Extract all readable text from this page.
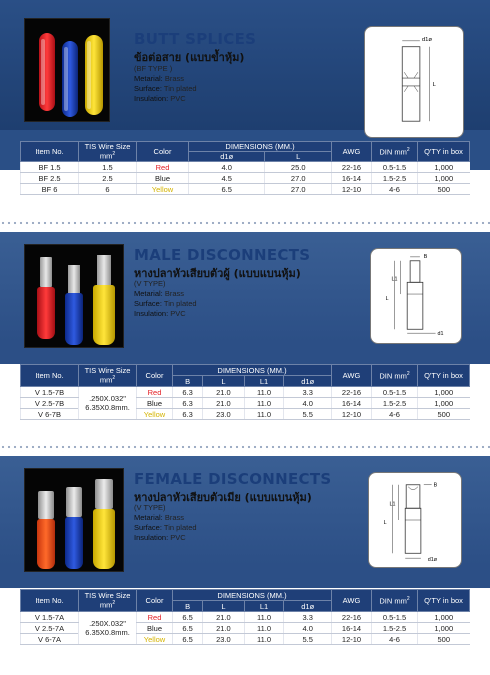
BUTT SPLICES
ข้อต่อสาย (แบบข้ำหุ้ม)
(BF TYPE )
Metarial: Brass
Surface: Tin plated
Insulation: PVC
d1ø
L
Item No.	TIS Wire Size $mm^2$	Color	DIMENSIONS (MM.)		AWG	DIN $mm^2$	Q'TY in box
			d1ø	L			
BF 1.5	1.5	Red	4.0	25.0	22-16	0.5-1.5	1,000
BF 2.5	2.5	Blue	4.5	27.0	16-14	1.5-2.5	1,000
BF 6	6	Yellow	6.5	27.0	12-10	4-6	500
MALE DISCONNECTS
หางปลาหัวเสียบตัวผู้ (แบบแบนหุ้ม)
(V TYPE)
Metarial: Brass
Surface: Tin plated
Insulation: PVC
B
L1
L
d1
Item No.	TIS Wire Size $mm^2$	Color	DIMENSIONS (MM.)				AWG	DIN $mm^2$	Q'TY in box
			B	L	L1	d1ø			
V 1.5-7B	.250X.032" 6.35X0.8mm.	Red	6.3	21.0	11.0	3.3	22-16	0.5-1.5	1,000
V 2.5-7B		Blue	6.3	21.0	11.0	4.0	16-14	1.5-2.5	1,000
V 6-7B		Yellow	6.3	23.0	11.0	5.5	12-10	4-6	500
FEMALE DISCONNECTS
หางปลาหัวเสียบตัวเมีย (แบบแบนหุ้ม)
(V TYPE)
Metarial: Brass
Surface: Tin plated
Insulation: PVC
B
L1
L
d1ø
Item No.	TIS Wire Size $mm^2$	Color	DIMENSIONS (MM.)				AWG	DIN $mm^2$	Q'TY in box
			B	L	L1	d1ø			
V 1.5-7A	.250X.032" 6.35X0.8mm.	Red	6.5	21.0	11.0	3.3	22-16	0.5-1.5	1,000
V 2.5-7A		Blue	6.5	21.0	11.0	4.0	16-14	1.5-2.5	1,000
V 6-7A		Yellow	6.5	23.0	11.0	5.5	12-10	4-6	500
